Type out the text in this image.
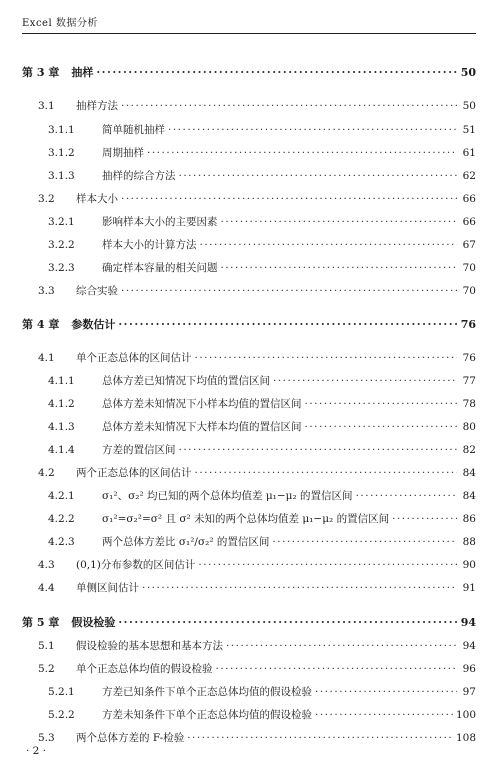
Excel 数据分析
第 3 章 抽样 ·····	50
3.1	抽样方法 ·····	50
3.1.1	简单随机抽样 ·····	51
3.1.2	周期抽样 ·····	61
3.1.3	抽样的综合方法 ·····	62
3.2	样本大小 ·····	66
3.2.1	影响样本大小的主要因素 ·····	66
3.2.2	样本大小的计算方法 ·····	67
3.2.3	确定样本容量的相关问题 ·····	70
3.3	综合实验 ·····	70
第 4 章 参数估计 ·····	76
4.1	单个正态总体的区间估计 ·····	76
4.1.1	总体方差已知情况下均值的置信区间 ·····	77
4.1.2	总体方差未知情况下小样本均值的置信区间 ·····	78
4.1.3	总体方差未知情况下大样本均值的置信区间 ·····	80
4.1.4	方差的置信区间 ·····	82
4.2	两个正态总体的区间估计 ·····	84
4.2.1	σ₁²、σ₂² 均已知的两个总体均值差 μ₁−μ₂ 的置信区间 ·····	84
4.2.2	σ₁²=σ₂²=σ² 且 σ² 未知的两个总体均值差 μ₁−μ₂ 的置信区间 ·····	86
4.2.3	两个总体方差比 σ₁²/σ₂² 的置信区间 ·····	88
4.3	(0,1)分布参数的区间估计 ·····	90
4.4	单侧区间估计 ·····	91
第 5 章 假设检验 ·····	94
5.1	假设检验的基本思想和基本方法 ·····	94
5.2	单个正态总体均值的假设检验 ·····	96
5.2.1	方差已知条件下单个正态总体均值的假设检验 ·····	97
5.2.2	方差未知条件下单个正态总体均值的假设检验 ·····	100
5.3	两个总体方差的 F-检验 ·····	108
· 2 ·
